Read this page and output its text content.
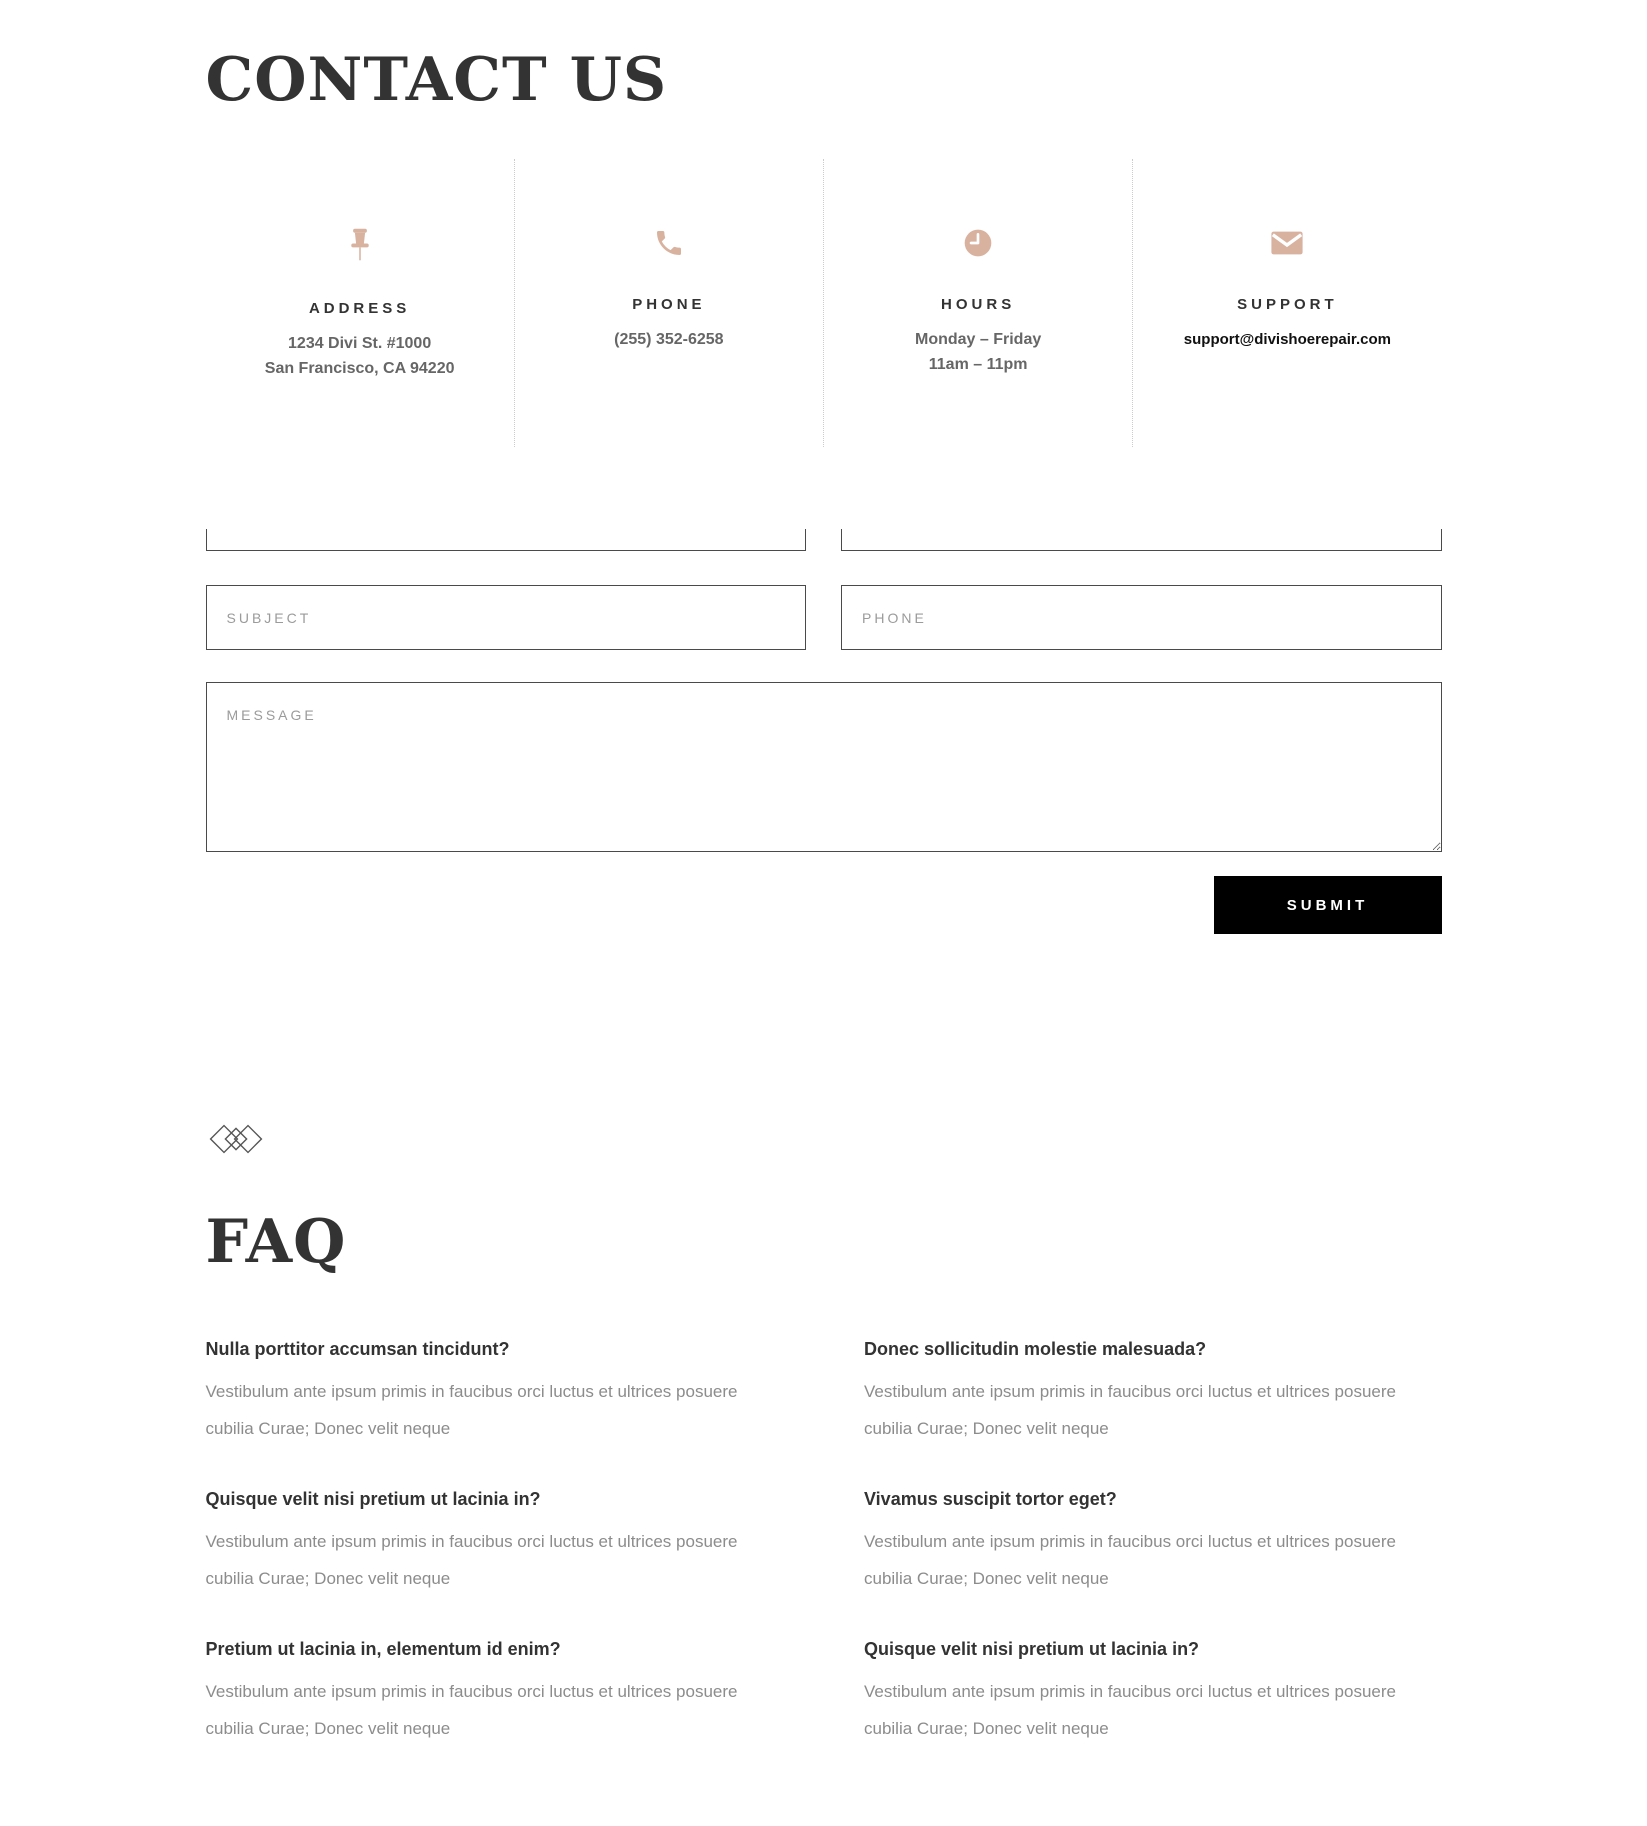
CONTACT US
ADDRESS
1234 Divi St. #1000
San Francisco, CA 94220
PHONE
(255) 352-6258
HOURS
Monday – Friday
11am – 11pm
SUPPORT
support@divishoerepair.com
SUBJECT
PHONE
MESSAGE
SUBMIT
FAQ
Nulla porttitor accumsan tincidunt?
Vestibulum ante ipsum primis in faucibus orci luctus et ultrices posuere cubilia Curae; Donec velit neque
Donec sollicitudin molestie malesuada?
Vestibulum ante ipsum primis in faucibus orci luctus et ultrices posuere cubilia Curae; Donec velit neque
Quisque velit nisi pretium ut lacinia in?
Vestibulum ante ipsum primis in faucibus orci luctus et ultrices posuere cubilia Curae; Donec velit neque
Vivamus suscipit tortor eget?
Vestibulum ante ipsum primis in faucibus orci luctus et ultrices posuere cubilia Curae; Donec velit neque
Pretium ut lacinia in, elementum id enim?
Vestibulum ante ipsum primis in faucibus orci luctus et ultrices posuere cubilia Curae; Donec velit neque
Quisque velit nisi pretium ut lacinia in?
Vestibulum ante ipsum primis in faucibus orci luctus et ultrices posuere cubilia Curae; Donec velit neque
